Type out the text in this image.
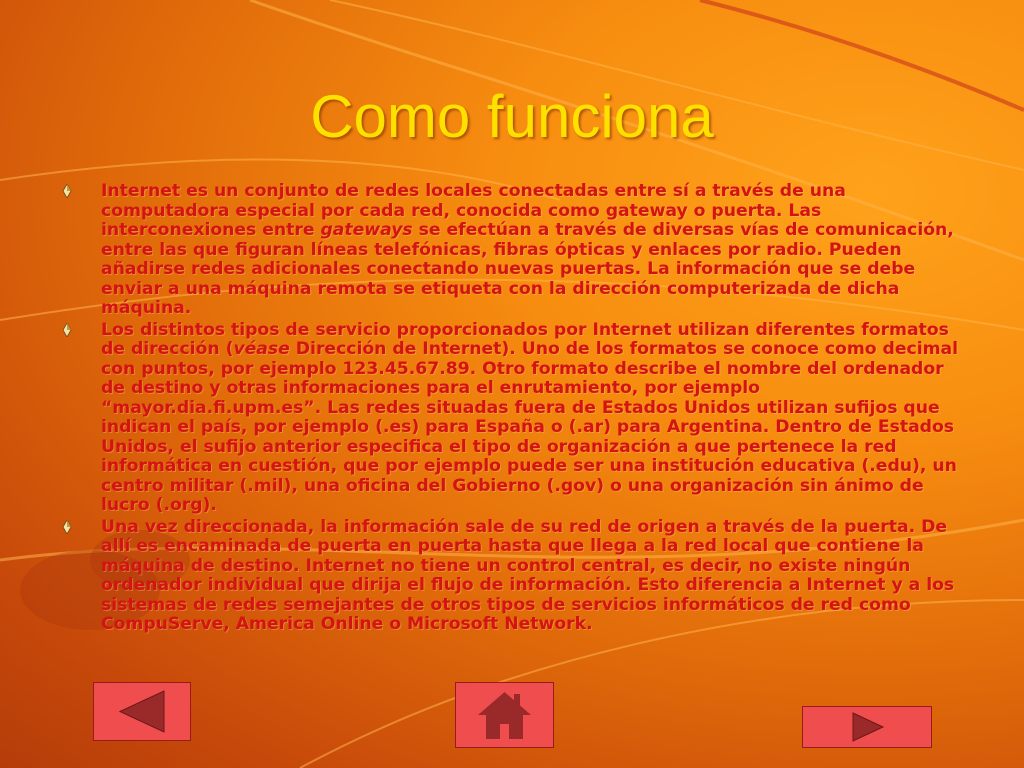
Como funciona
Internet es un conjunto de redes locales conectadas entre sí a través de una computadora especial por cada red, conocida como gateway o puerta. Las interconexiones entre gateways se efectúan a través de diversas vías de comunicación, entre las que figuran líneas telefónicas, fibras ópticas y enlaces por radio. Pueden añadirse redes adicionales conectando nuevas puertas. La información que se debe enviar a una máquina remota se etiqueta con la dirección computerizada de dicha máquina.
Los distintos tipos de servicio proporcionados por Internet utilizan diferentes formatos de dirección (véase Dirección de Internet). Uno de los formatos se conoce como decimal con puntos, por ejemplo 123.45.67.89. Otro formato describe el nombre del ordenador de destino y otras informaciones para el enrutamiento, por ejemplo “mayor.dia.fi.upm.es”. Las redes situadas fuera de Estados Unidos utilizan sufijos que indican el país, por ejemplo (.es) para España o (.ar) para Argentina. Dentro de Estados Unidos, el sufijo anterior especifica el tipo de organización a que pertenece la red informática en cuestión, que por ejemplo puede ser una institución educativa (.edu), un centro militar (.mil), una oficina del Gobierno (.gov) o una organización sin ánimo de lucro (.org).
Una vez direccionada, la información sale de su red de origen a través de la puerta. De allí es encaminada de puerta en puerta hasta que llega a la red local que contiene la máquina de destino. Internet no tiene un control central, es decir, no existe ningún ordenador individual que dirija el flujo de información. Esto diferencia a Internet y a los sistemas de redes semejantes de otros tipos de servicios informáticos de red como CompuServe, America Online o Microsoft Network.
